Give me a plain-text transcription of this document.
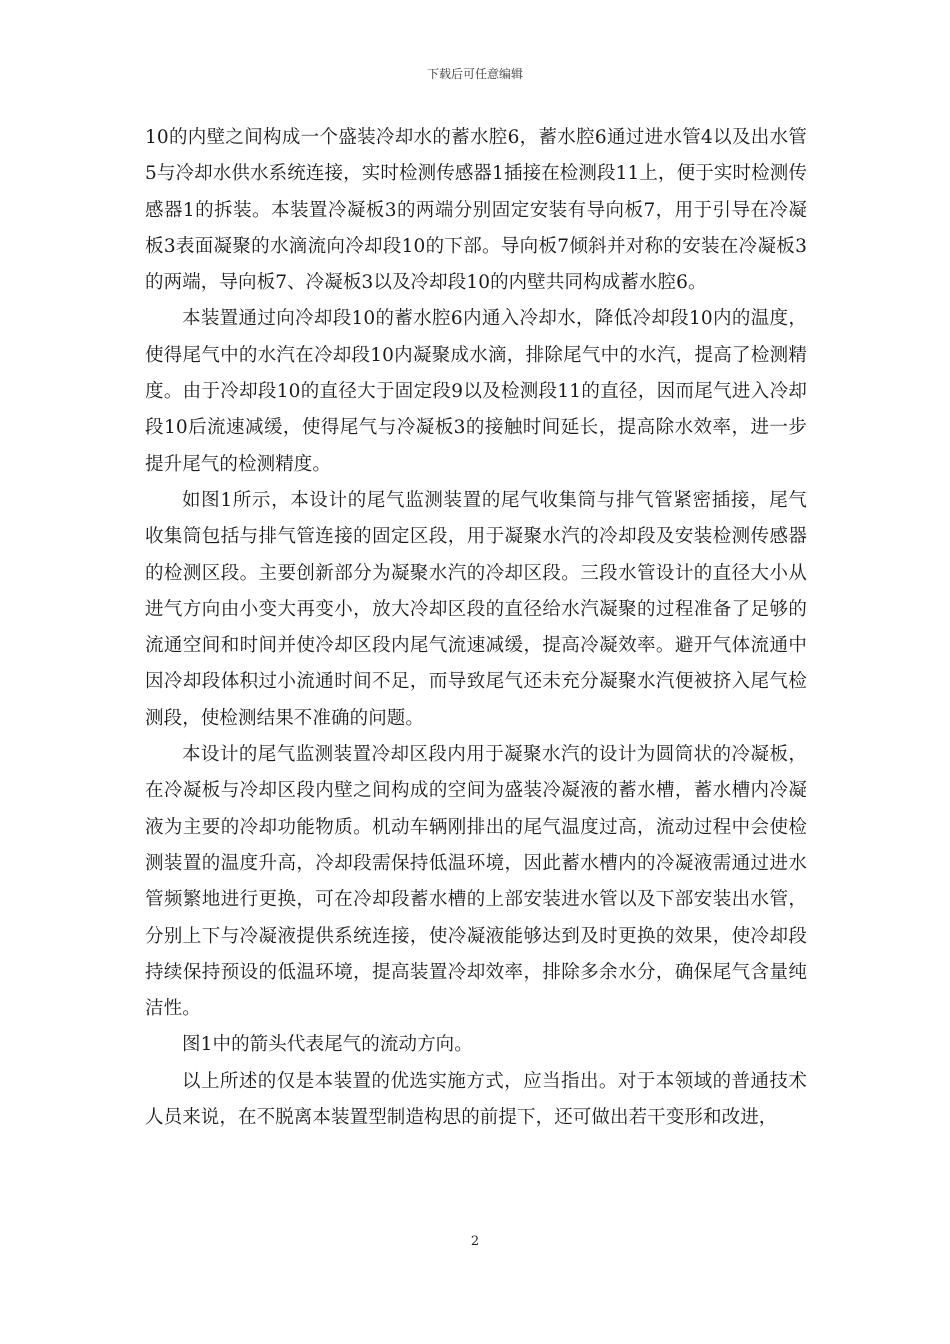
下载后可任意编辑

10的内壁之间构成一个盛装冷却水的蓄水腔6，蓄水腔6通过进水管4以及出水管5与冷却水供水系统连接，实时检测传感器1插接在检测段11上，便于实时检测传感器1的拆装。本装置冷凝板3的两端分别固定安装有导向板7，用于引导在冷凝板3表面凝聚的水滴流向冷却段10的下部。导向板7倾斜并对称的安装在冷凝板3的两端，导向板7、冷凝板3以及冷却段10的内壁共同构成蓄水腔6。

本装置通过向冷却段10的蓄水腔6内通入冷却水，降低冷却段10内的温度，使得尾气中的水汽在冷却段10内凝聚成水滴，排除尾气中的水汽，提高了检测精度。由于冷却段10的直径大于固定段9以及检测段11的直径，因而尾气进入冷却段10后流速减缓，使得尾气与冷凝板3的接触时间延长，提高除水效率，进一步提升尾气的检测精度。

如图1所示，本设计的尾气监测装置的尾气收集筒与排气管紧密插接，尾气收集筒包括与排气管连接的固定区段，用于凝聚水汽的冷却段及安装检测传感器的检测区段。主要创新部分为凝聚水汽的冷却区段。三段水管设计的直径大小从进气方向由小变大再变小，放大冷却区段的直径给水汽凝聚的过程准备了足够的流通空间和时间并使冷却区段内尾气流速减缓，提高冷凝效率。避开气体流通中因冷却段体积过小流通时间不足，而导致尾气还未充分凝聚水汽便被挤入尾气检测段，使检测结果不准确的问题。

本设计的尾气监测装置冷却区段内用于凝聚水汽的设计为圆筒状的冷凝板，在冷凝板与冷却区段内壁之间构成的空间为盛装冷凝液的蓄水槽，蓄水槽内冷凝液为主要的冷却功能物质。机动车辆刚排出的尾气温度过高，流动过程中会使检测装置的温度升高，冷却段需保持低温环境，因此蓄水槽内的冷凝液需通过进水管频繁地进行更换，可在冷却段蓄水槽的上部安装进水管以及下部安装出水管，分别上下与冷凝液提供系统连接，使冷凝液能够达到及时更换的效果，使冷却段持续保持预设的低温环境，提高装置冷却效率，排除多余水分，确保尾气含量纯洁性。

图1中的箭头代表尾气的流动方向。

以上所述的仅是本装置的优选实施方式，应当指出。对于本领域的普通技术人员来说，在不脱离本装置型制造构思的前提下，还可做出若干变形和改进，

2
